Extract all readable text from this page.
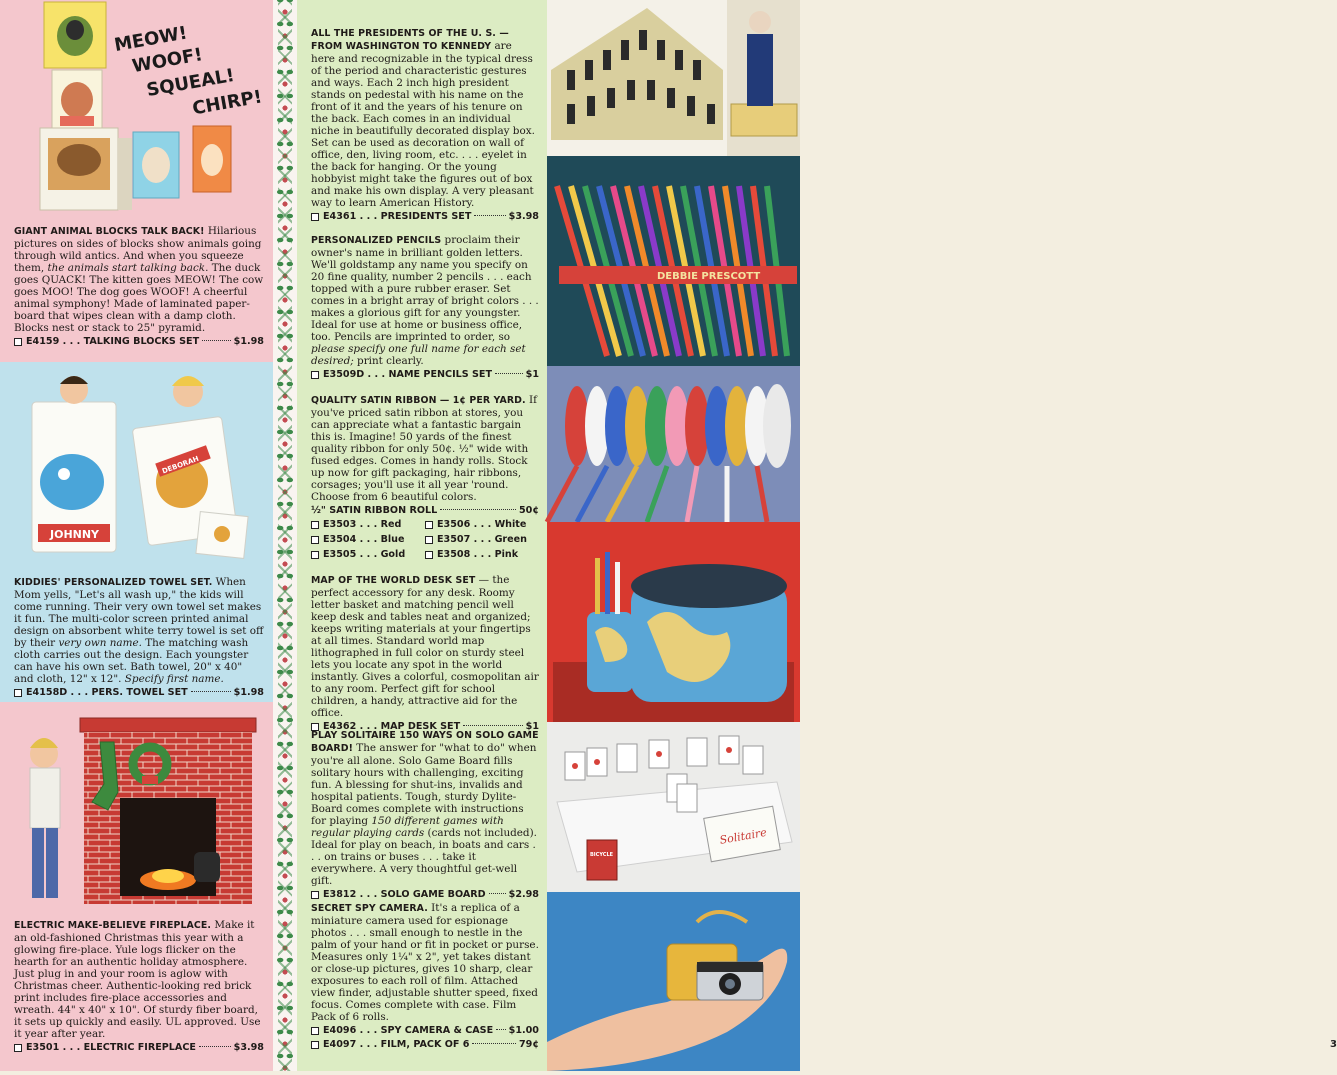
MEOW!
WOOF!
SQUEAL!
CHIRP!
GIANT ANIMAL BLOCKS TALK BACK! Hilarious pictures on sides of blocks show animals going through wild antics. And when you squeeze them, the animals start talking back. The duck goes QUACK! The kitten goes MEOW! The cow goes MOO! The dog goes WOOF! A cheerful animal symphony! Made of laminated paper-board that wipes clean with a damp cloth. Blocks nest or stack to 25" pyramid.
E4159 . . . TALKING BLOCKS SET	$1.98
JOHNNY
DEBORAH
KIDDIES' PERSONALIZED TOWEL SET. When Mom yells, "Let's all wash up," the kids will come running. Their very own towel set makes it fun. The multi-color screen printed animal design on absorbent white terry towel is set off by their very own name. The matching wash cloth carries out the design. Each youngster can have his own set. Bath towel, 20" x 40" and cloth, 12" x 12". Specify first name.
E4158D . . . PERS. TOWEL SET	$1.98
ELECTRIC MAKE-BELIEVE FIREPLACE. Make it an old-fashioned Christmas this year with a glowing fire-place. Yule logs flicker on the hearth for an authentic holiday atmosphere. Just plug in and your room is aglow with Christmas cheer. Authentic-looking red brick print includes fire-place accessories and wreath. 44" x 40" x 10". Of sturdy fiber board, it sets up quickly and easily. UL approved. Use it year after year.
E3501 . . . ELECTRIC FIREPLACE	$3.98
ALL THE PRESIDENTS OF THE U. S. — FROM WASHINGTON TO KENNEDY are here and recognizable in the typical dress of the period and characteristic gestures and ways. Each 2 inch high president stands on pedestal with his name on the front of it and the years of his tenure on the back. Each comes in an individual niche in beautifully decorated display box. Set can be used as decoration on wall of office, den, living room, etc. . . . eyelet in the back for hanging. Or the young hobbyist might take the figures out of box and make his own display. A very pleasant way to learn American History.
E4361 . . . PRESIDENTS SET	$3.98
PERSONALIZED PENCILS proclaim their owner's name in brilliant golden letters. We'll goldstamp any name you specify on 20 fine quality, number 2 pencils . . . each topped with a pure rubber eraser. Set comes in a bright array of bright colors . . . makes a glorious gift for any youngster. Ideal for use at home or business office, too. Pencils are imprinted to order, so please specify one full name for each set desired; print clearly.
E3509D . . . NAME PENCILS SET	$1
QUALITY SATIN RIBBON — 1¢ PER YARD. If you've priced satin ribbon at stores, you can appreciate what a fantastic bargain this is. Imagine! 50 yards of the finest quality ribbon for only 50¢. ½" wide with fused edges. Comes in handy rolls. Stock up now for gift packaging, hair ribbons, corsages; you'll use it all year 'round. Choose from 6 beautiful colors.
½" SATIN RIBBON ROLL	50¢
E3503 . . . Red	E3506 . . . White
E3504 . . . Blue	E3507 . . . Green
E3505 . . . Gold	E3508 . . . Pink
MAP OF THE WORLD DESK SET — the perfect accessory for any desk. Roomy letter basket and matching pencil well keep desk and tables neat and organized; keeps writing materials at your fingertips at all times. Standard world map lithographed in full color on sturdy steel lets you locate any spot in the world instantly. Gives a colorful, cosmopolitan air to any room. Perfect gift for school children, a handy, attractive aid for the office.
E4362 . . . MAP DESK SET	$1
PLAY SOLITAIRE 150 WAYS ON SOLO GAME BOARD! The answer for "what to do" when you're all alone. Solo Game Board fills solitary hours with challenging, exciting fun. A blessing for shut-ins, invalids and hospital patients. Tough, sturdy Dylite-Board comes complete with instructions for playing 150 different games with regular playing cards (cards not included). Ideal for play on beach, in boats and cars . . . on trains or buses . . . take it everywhere. A very thoughtful get-well gift.
E3812 . . . SOLO GAME BOARD $2.98
SECRET SPY CAMERA. It's a replica of a miniature camera used for espionage photos . . . small enough to nestle in the palm of your hand or fit in pocket or purse. Measures only 1¼" x 2", yet takes distant or close-up pictures, gives 10 sharp, clear exposures to each roll of film. Attached view finder, adjustable shutter speed, fixed focus. Comes complete with case. Film Pack of 6 rolls.
E4096 . . . SPY CAMERA & CASE $1.00
E4097 . . . FILM, PACK OF 6	79¢
DEBBIE PRESCOTT
BICYCLE
Solitaire
3
